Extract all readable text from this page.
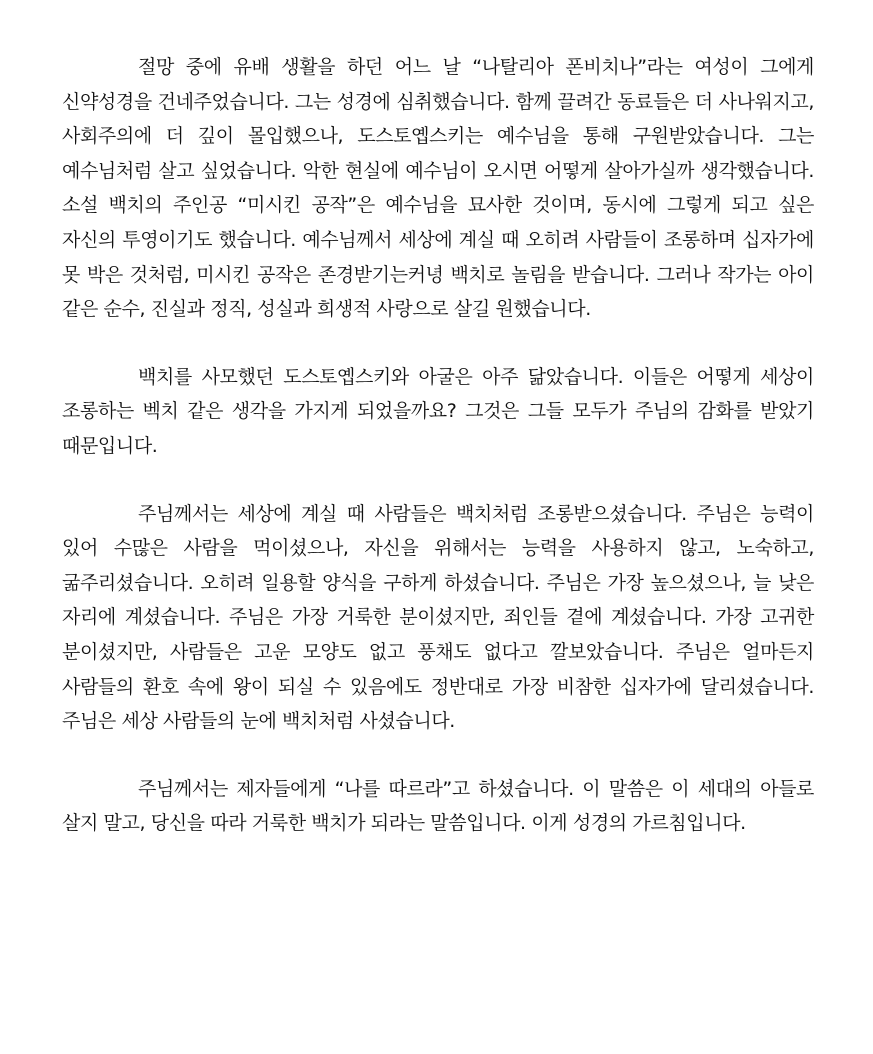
절망 중에 유배 생활을 하던 어느 날 “나탈리아 폰비치나”라는 여성이 그에게 신약성경을 건네주었습니다. 그는 성경에 심취했습니다. 함께 끌려간 동료들은 더 사나워지고, 사회주의에 더 깊이 몰입했으나, 도스토옙스키는 예수님을 통해 구원받았습니다. 그는 예수님처럼 살고 싶었습니다. 악한 현실에 예수님이 오시면 어떻게 살아가실까 생각했습니다. 소설 백치의 주인공 “미시킨 공작”은 예수님을 묘사한 것이며, 동시에 그렇게 되고 싶은 자신의 투영이기도 했습니다. 예수님께서 세상에 계실 때 오히려 사람들이 조롱하며 십자가에 못 박은 것처럼, 미시킨 공작은 존경받기는커녕 백치로 놀림을 받습니다. 그러나 작가는 아이 같은 순수, 진실과 정직, 성실과 희생적 사랑으로 살길 원했습니다.

백치를 사모했던 도스토옙스키와 아굴은 아주 닮았습니다. 이들은 어떻게 세상이 조롱하는 벡치 같은 생각을 가지게 되었을까요? 그것은 그들 모두가 주님의 감화를 받았기 때문입니다.

주님께서는 세상에 계실 때 사람들은 백치처럼 조롱받으셨습니다. 주님은 능력이 있어 수많은 사람을 먹이셨으나, 자신을 위해서는 능력을 사용하지 않고, 노숙하고, 굶주리셨습니다. 오히려 일용할 양식을 구하게 하셨습니다. 주님은 가장 높으셨으나, 늘 낮은 자리에 계셨습니다. 주님은 가장 거룩한 분이셨지만, 죄인들 곁에 계셨습니다. 가장 고귀한 분이셨지만, 사람들은 고운 모양도 없고 풍채도 없다고 깔보았습니다. 주님은 얼마든지 사람들의 환호 속에 왕이 되실 수 있음에도 정반대로 가장 비참한 십자가에 달리셨습니다. 주님은 세상 사람들의 눈에 백치처럼 사셨습니다.

주님께서는 제자들에게 “나를 따르라”고 하셨습니다. 이 말씀은 이 세대의 아들로 살지 말고, 당신을 따라 거룩한 백치가 되라는 말씀입니다. 이게 성경의 가르침입니다.
